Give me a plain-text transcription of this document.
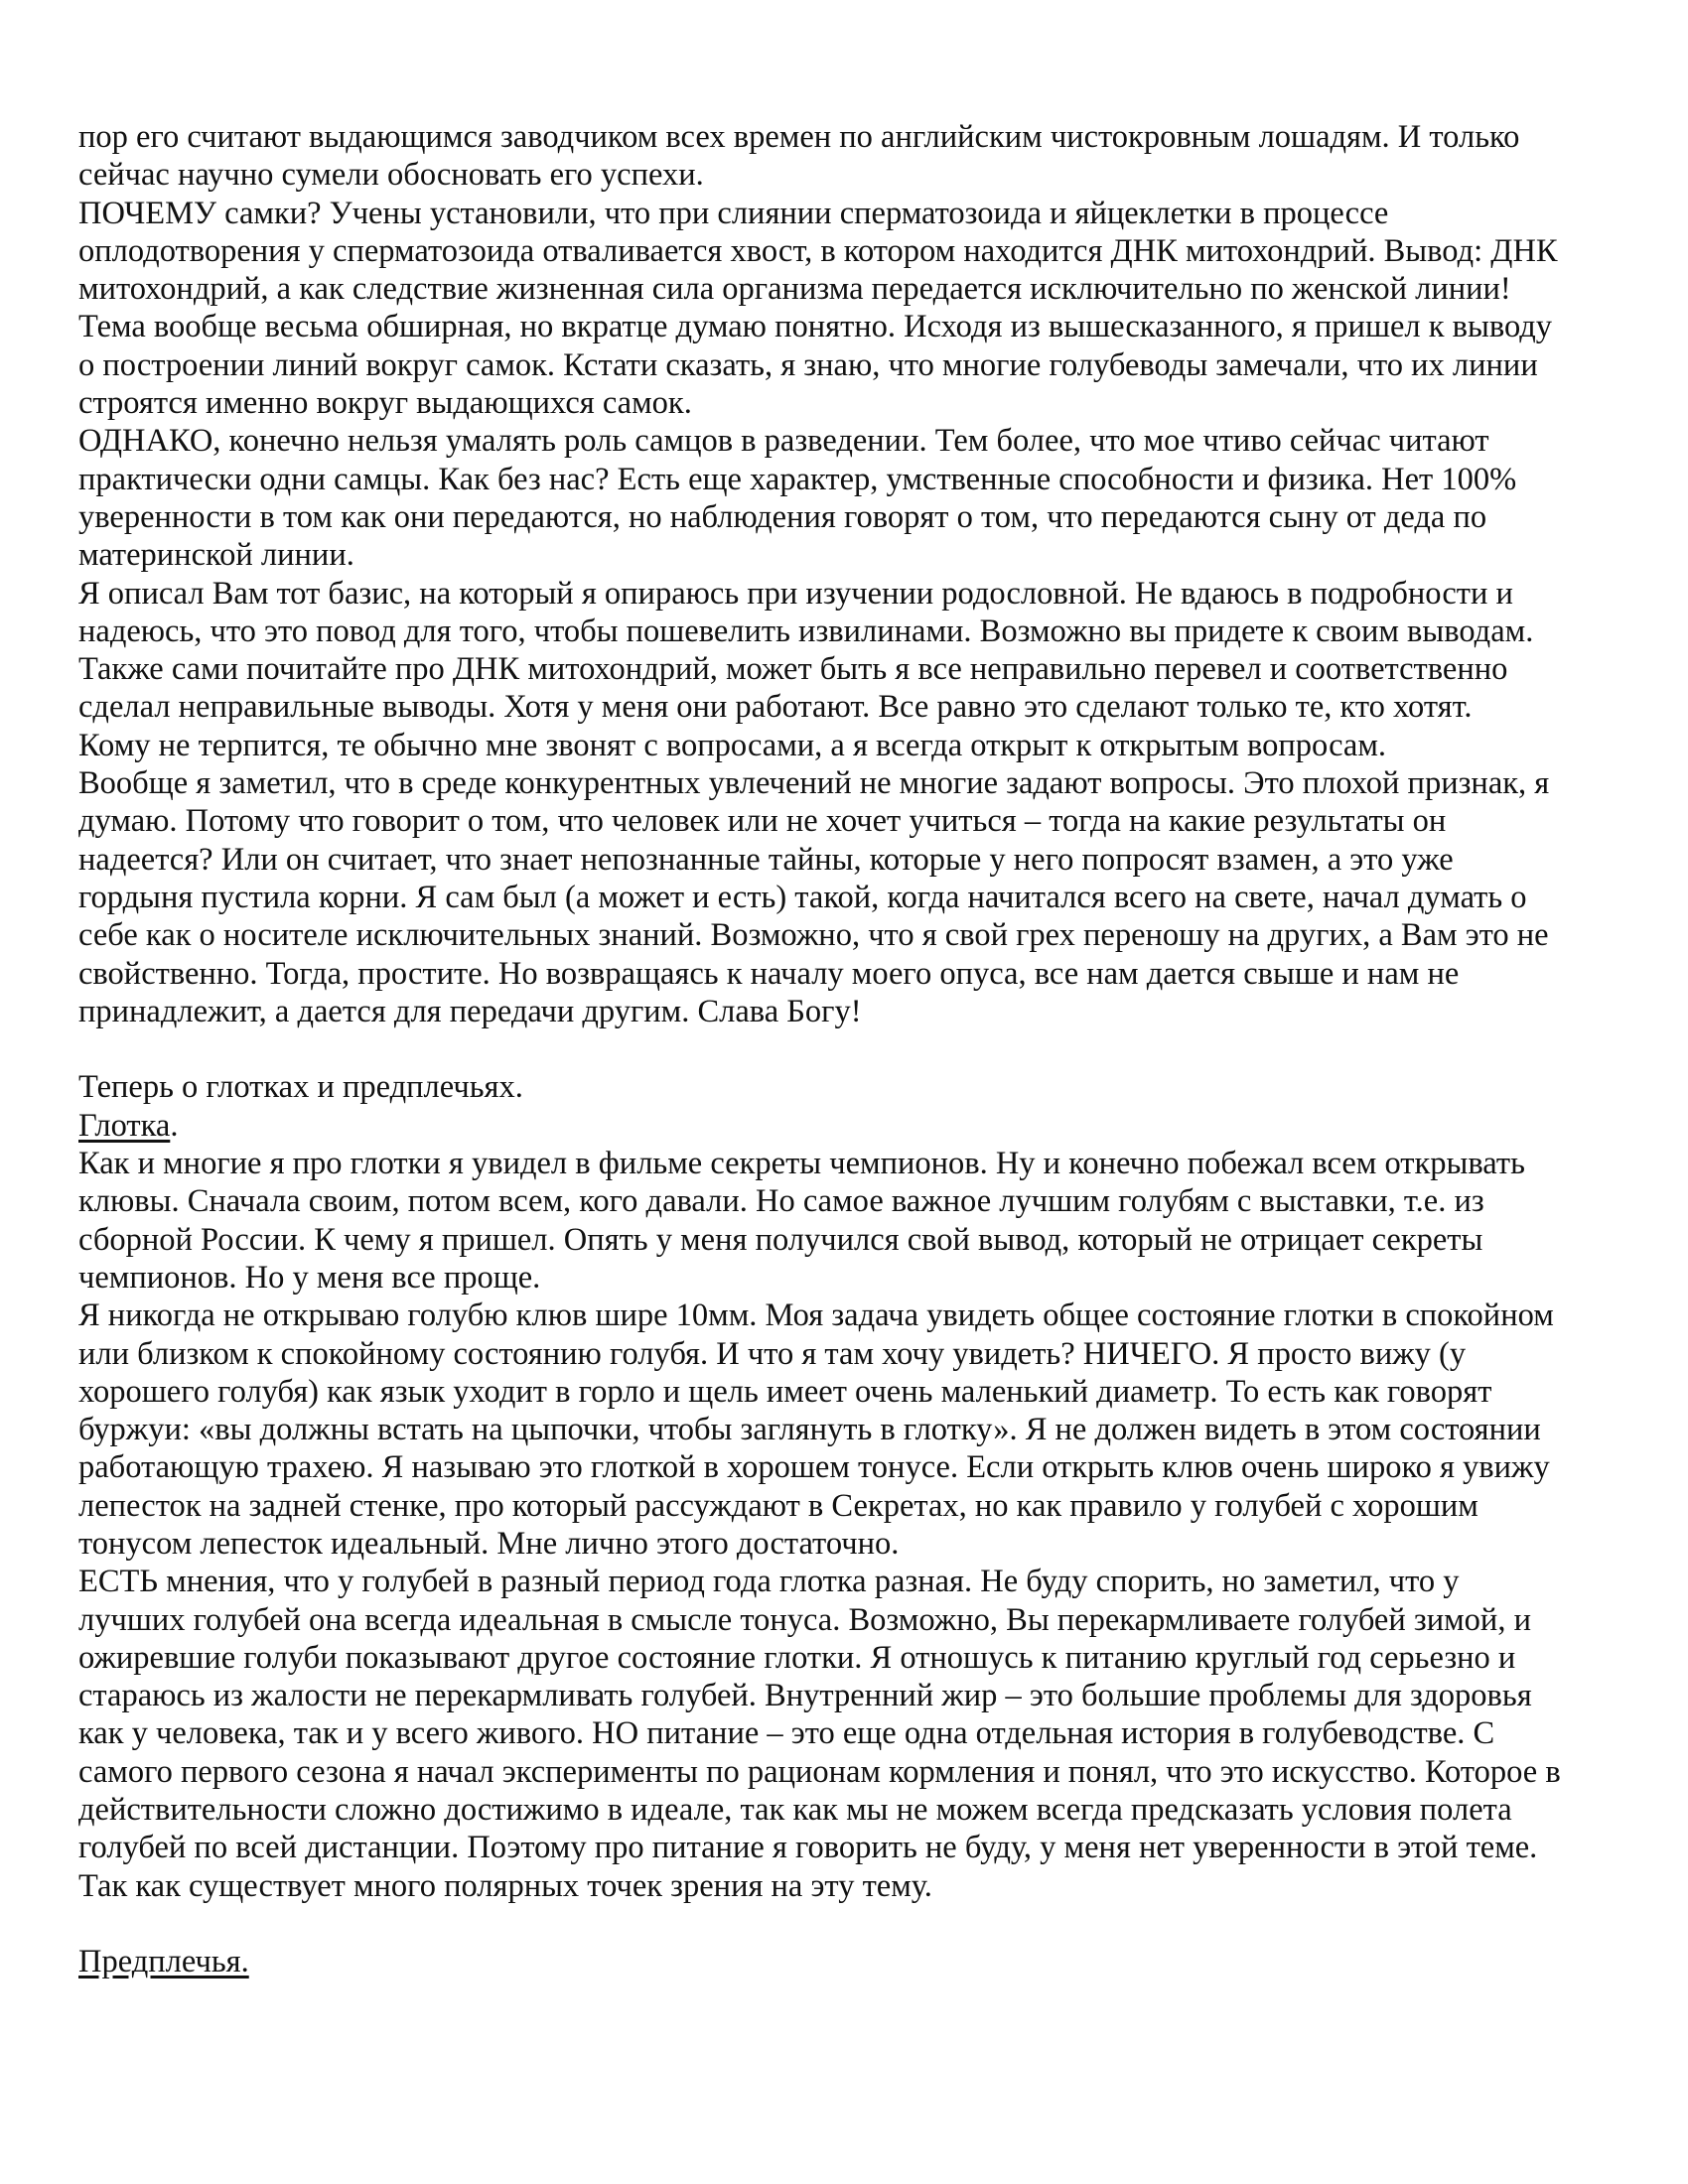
пор его считают выдающимся заводчиком всех времен по английским чистокровным лошадям. И только
сейчас научно сумели обосновать его успехи.
ПОЧЕМУ самки? Учены установили, что при слиянии сперматозоида и яйцеклетки в процессе
оплодотворения у сперматозоида отваливается хвост, в котором находится ДНК митохондрий. Вывод: ДНК
митохондрий, а как следствие жизненная сила организма передается исключительно по женской линии!
Тема вообще весьма обширная, но вкратце думаю понятно. Исходя из вышесказанного, я пришел к выводу
о построении линий вокруг самок. Кстати сказать, я знаю, что многие голубеводы замечали, что их линии
строятся именно вокруг выдающихся самок.
ОДНАКО, конечно нельзя умалять роль самцов в разведении. Тем более, что мое чтиво сейчас читают
практически одни самцы. Как без нас? Есть еще характер, умственные способности и физика. Нет 100%
уверенности в том как они передаются, но наблюдения говорят о том, что передаются сыну от деда по
материнской линии.
Я описал Вам тот базис, на который я опираюсь при изучении родословной. Не вдаюсь в подробности и
надеюсь, что это повод для того, чтобы пошевелить извилинами. Возможно вы придете к своим выводам.
Также сами почитайте про ДНК митохондрий, может быть я все неправильно перевел и соответственно
сделал неправильные выводы. Хотя у меня они работают. Все равно это сделают только те, кто хотят.
Кому не терпится, те обычно мне звонят с вопросами, а я всегда открыт к открытым вопросам.
Вообще я заметил, что в среде конкурентных увлечений не многие задают вопросы. Это плохой признак, я
думаю. Потому что говорит о том, что человек или не хочет учиться – тогда на какие результаты он
надеется? Или он считает, что знает непознанные тайны, которые у него попросят взамен, а это уже
гордыня пустила корни. Я сам был (а может и есть) такой, когда начитался всего на свете, начал думать о
себе как о носителе исключительных знаний. Возможно, что я свой грех переношу на других, а Вам это не
свойственно. Тогда, простите. Но возвращаясь к началу моего опуса, все нам дается свыше и нам не
принадлежит, а дается для передачи другим. Слава Богу!
Теперь о глотках и предплечьях.
Глотка.
Как и многие я про глотки я увидел в фильме секреты чемпионов. Ну и конечно побежал всем открывать
клювы. Сначала своим, потом всем, кого давали. Но самое важное лучшим голубям с выставки, т.е. из
сборной России. К чему я пришел. Опять у меня получился свой вывод, который не отрицает секреты
чемпионов. Но у меня все проще.
Я никогда не открываю голубю клюв шире 10мм. Моя задача увидеть общее состояние глотки в спокойном
или близком к спокойному состоянию голубя. И что я там хочу увидеть? НИЧЕГО. Я просто вижу (у
хорошего голубя) как язык уходит в горло и щель имеет очень маленький диаметр. То есть как говорят
буржуи: «вы должны встать на цыпочки, чтобы заглянуть в глотку». Я не должен видеть в этом состоянии
работающую трахею. Я называю это глоткой в хорошем тонусе. Если открыть клюв очень широко я увижу
лепесток на задней стенке, про который рассуждают в Секретах, но как правило у голубей с хорошим
тонусом лепесток идеальный. Мне лично этого достаточно.
ЕСТЬ мнения, что у голубей в разный период года глотка разная. Не буду спорить, но заметил, что у
лучших голубей она всегда идеальная в смысле тонуса. Возможно, Вы перекармливаете голубей зимой, и
ожиревшие голуби показывают другое состояние глотки. Я отношусь к питанию круглый год серьезно и
стараюсь из жалости не перекармливать голубей. Внутренний жир – это большие проблемы для здоровья
как у человека, так и у всего живого. НО питание – это еще одна отдельная история в голубеводстве. С
самого первого сезона я начал эксперименты по рационам кормления и понял, что это искусство. Которое в
действительности сложно достижимо в идеале, так как мы не можем всегда предсказать условия полета
голубей по всей дистанции. Поэтому про питание я говорить не буду, у меня нет уверенности в этой теме.
Так как существует много полярных точек зрения на эту тему.
Предплечья.
